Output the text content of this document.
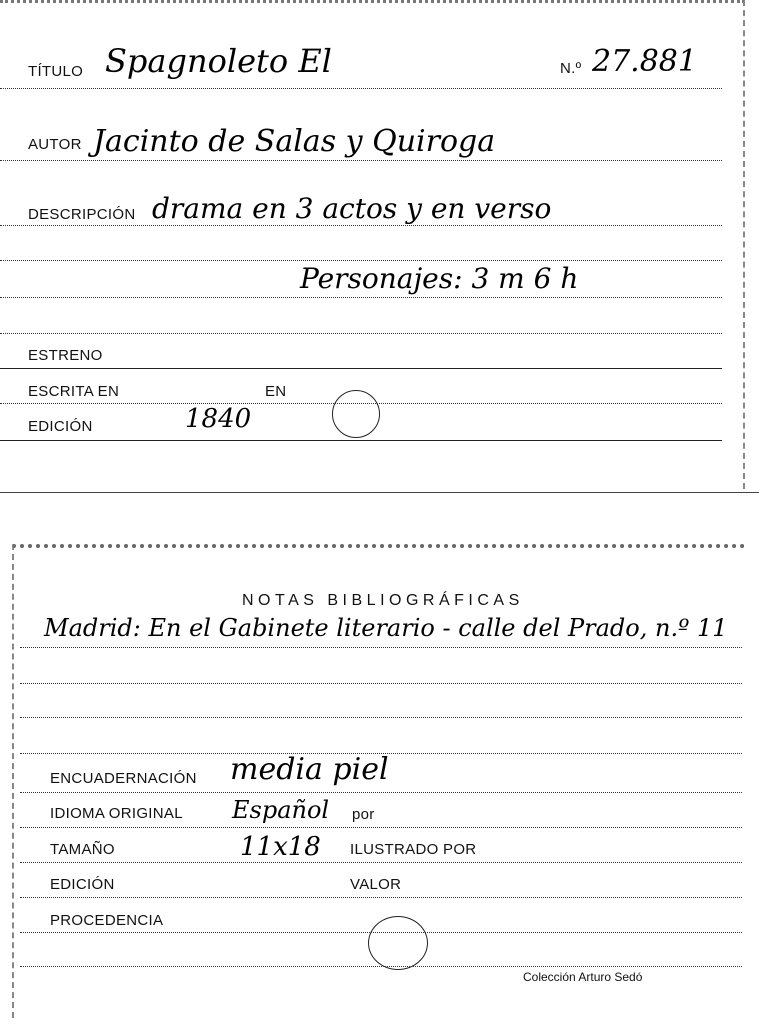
TÍTULO Spagnoleto El	N.º 27.881
AUTOR Jacinto de Salas y Quiroga
DESCRIPCIÓN drama en 3 actos y en verso
Personajes: 3 m 6 h
ESTRENO
ESCRITA EN	EN
EDICIÓN	1840
NOTAS BIBLIOGRÁFICAS
Madrid: En el Gabinete literario - calle del Prado, n.º 11
ENCUADERNACIÓN media piel
IDIOMA ORIGINAL Español por
TAMAÑO	11x18 ILUSTRADO POR
EDICIÓN	VALOR
PROCEDENCIA
Colección Arturo Sedó
